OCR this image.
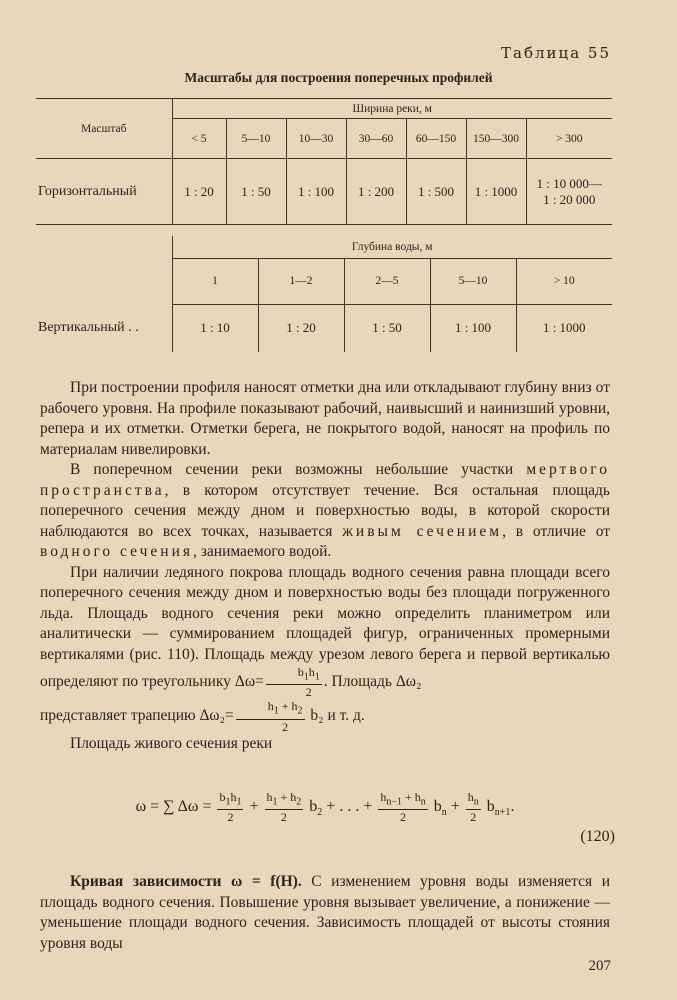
Таблица 55
Масштабы для построения поперечных профилей
Масштаб	Ширина реки, м						
	< 5	5—10	10—30	30—60	60—150	150—300	> 300
Горизонтальный	1 : 20	1 : 50	1 : 100	1 : 200	1 : 500	1 : 1000	1 : 10 000—
1 : 20 000
	Глубина воды, м				
	1	1—2	2—5	5—10	> 10
Вертикальный . .	1 : 10	1 : 20	1 : 50	1 : 100	1 : 1000

При построении профиля наносят отметки дна или откладывают глубину вниз от рабочего уровня. На профиле показывают рабочий, наивысший и наинизший уровни, репера и их отметки. Отметки берега, не покрытого водой, наносят на профиль по материалам нивелировки.

В поперечном сечении реки возможны небольшие участки мертвого пространства, в котором отсутствует течение. Вся остальная площадь поперечного сечения между дном и поверхностью воды, в которой скорости наблюдаются во всех точках, называется живым сечением, в отличие от водного сечения, занимаемого водой.

При наличии ледяного покрова площадь водного сечения равна площади всего поперечного сечения между дном и поверхностью воды без площади погруженного льда. Площадь водного сечения реки можно определить планиметром или аналитически — суммированием площадей фигур, ограниченных промерными вертикалями (рис. 110). Площадь между урезом левого берега и первой вертикалью определяют по треугольнику $\Delta\omega= \frac{b_1h_1}{2}$ . Площадь Δω₂
представляет трапецию $\Delta\omega_2= \frac{h_1 + h_2}{2} b_2$ и т. д.

Площадь живого сечения реки

ω = ∑ $\Delta\omega = \frac{b_1h_1}{2} + \frac{h_1 + h_2}{2} b_2$ + . . . + $\frac{h_{n-1} + h_n}{2} b_n + \frac{h_n}{2} b_{n+1}$.
(120)

Кривая зависимости ω = f(H). С изменением уровня воды изменяется и площадь водного сечения. Повышение уровня вызывает увеличение, а понижение — уменьшение площади водного сечения. Зависимость площадей от высоты стояния уровня воды

207
